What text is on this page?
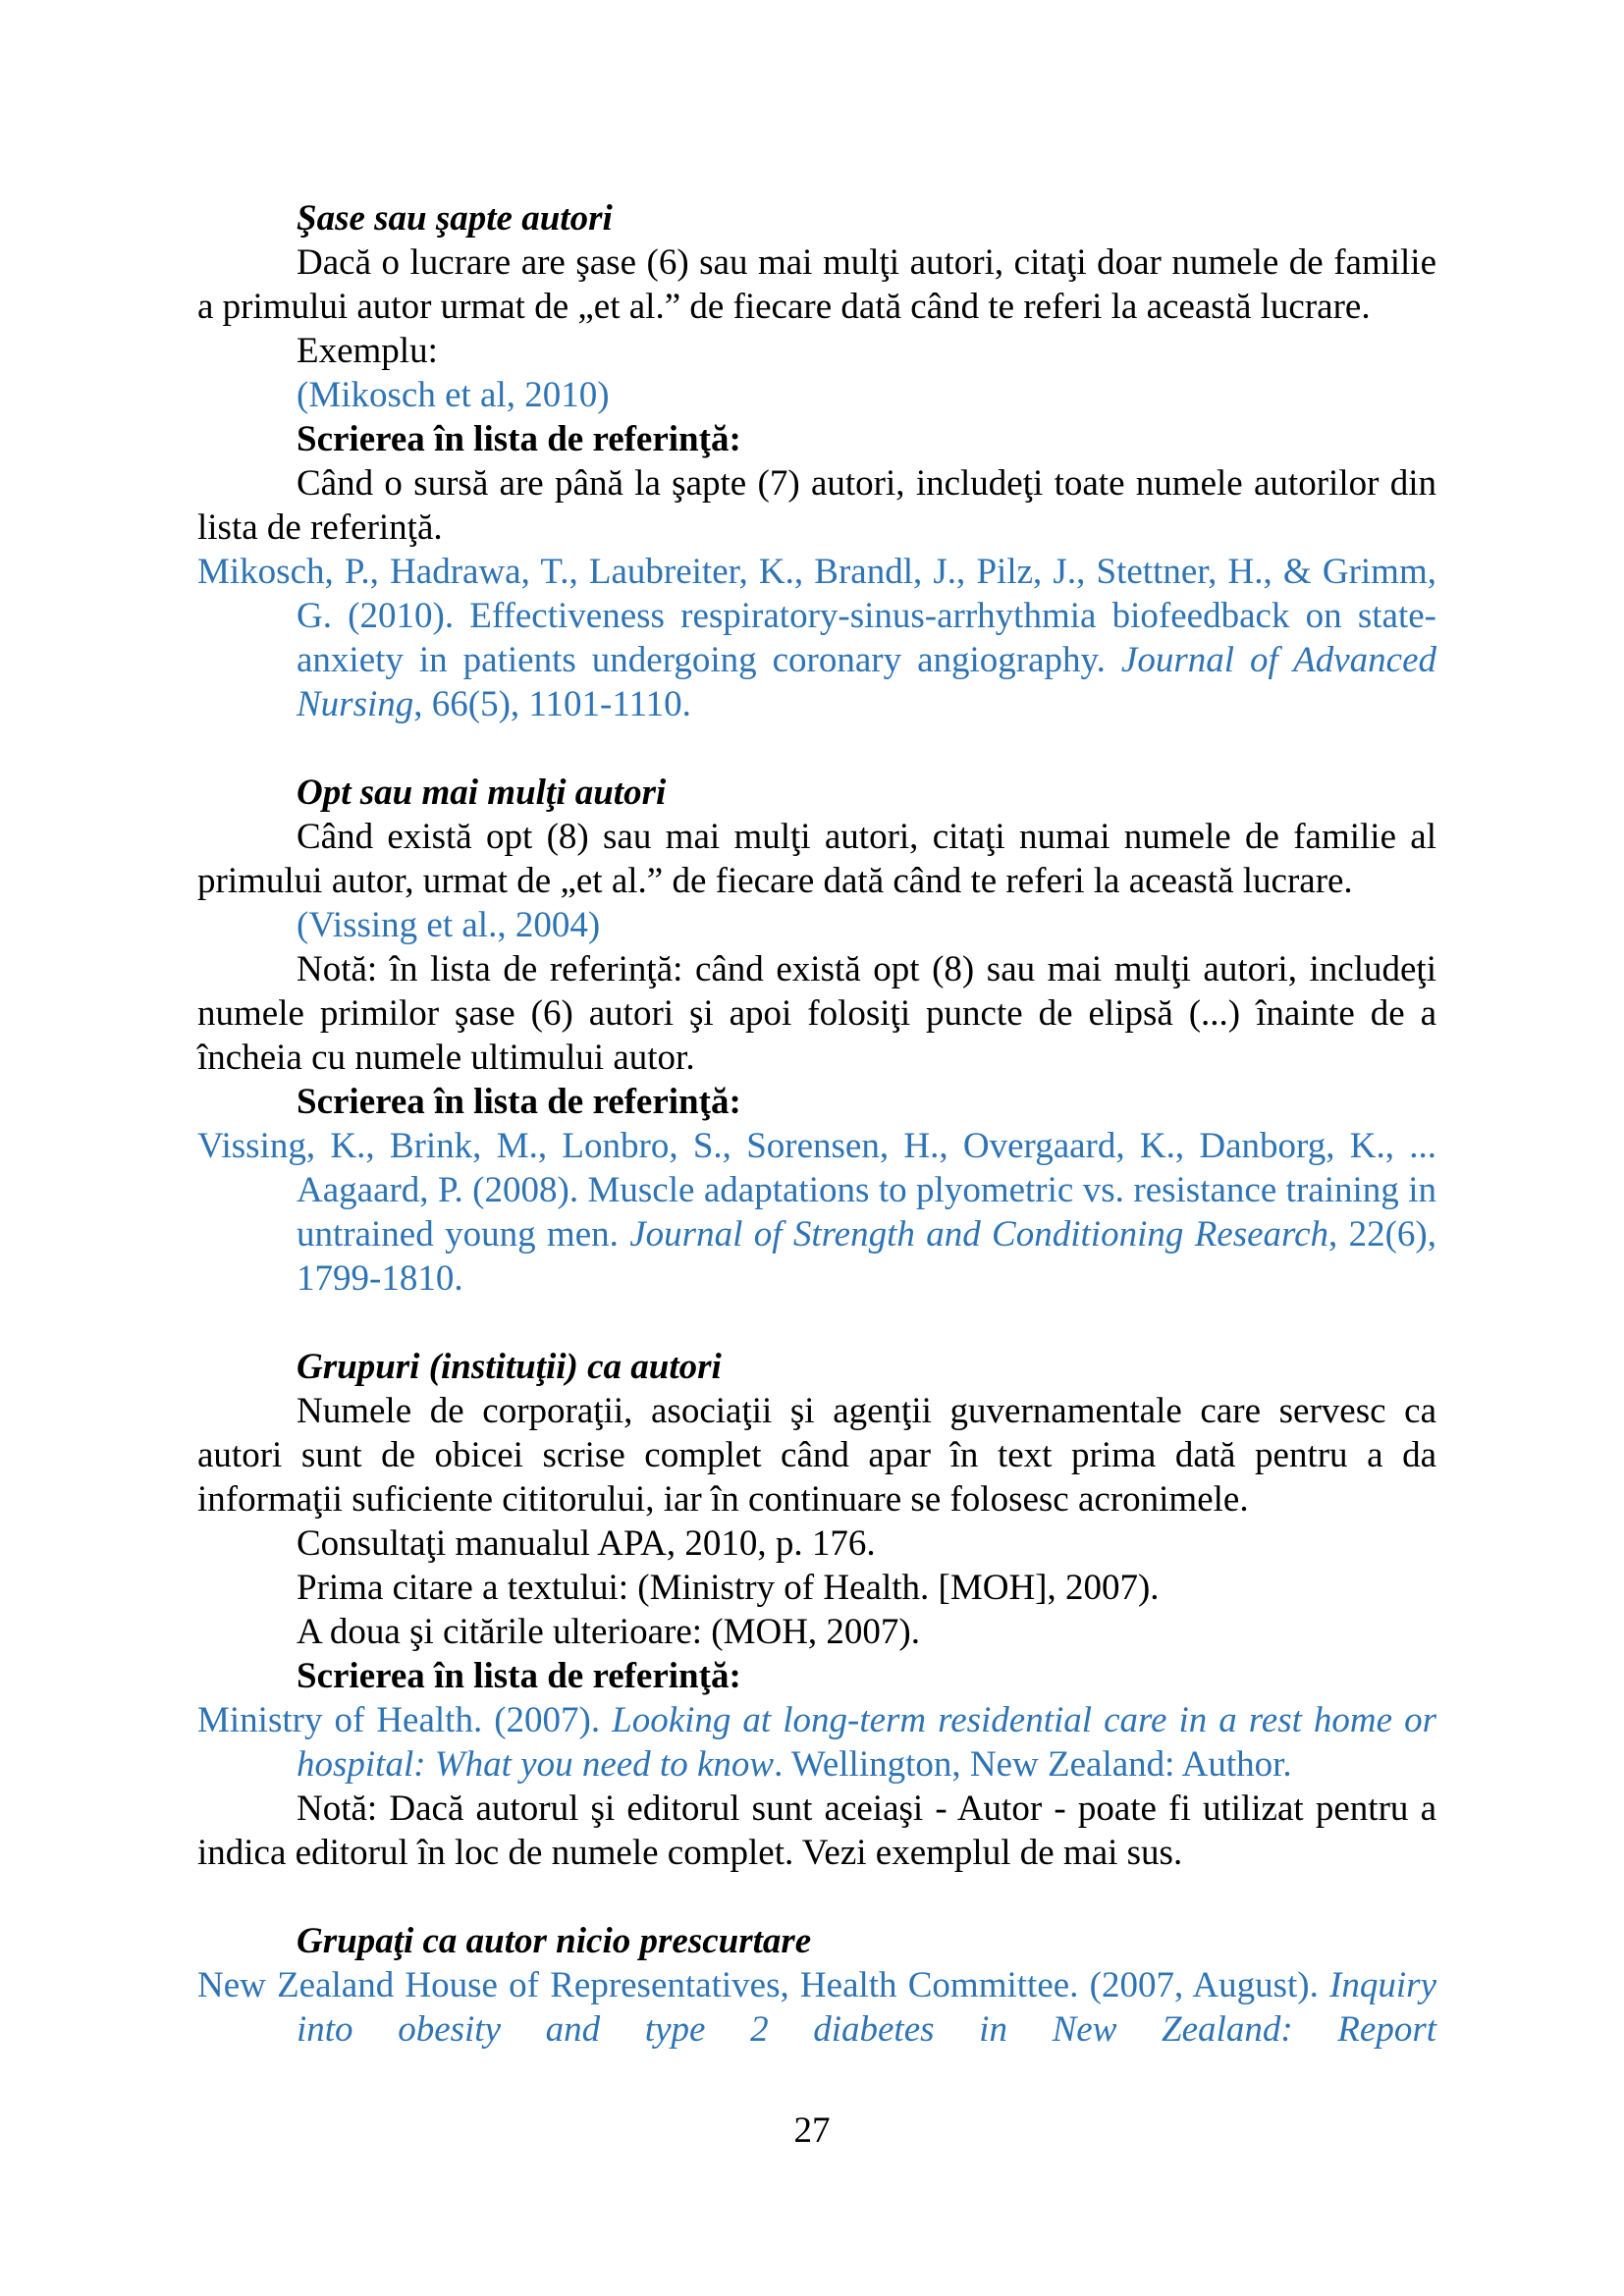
Şase sau şapte autori

Dacă o lucrare are şase (6) sau mai mulţi autori, citaţi doar numele de familie a primului autor urmat de „et al.” de fiecare dată când te referi la această lucrare.

Exemplu:

(Mikosch et al, 2010)

Scrierea în lista de referinţă:

Când o sursă are până la şapte (7) autori, includeţi toate numele autorilor din lista de referinţă.

Mikosch, P., Hadrawa, T., Laubreiter, K., Brandl, J., Pilz, J., Stettner, H., & Grimm, G. (2010). Effectiveness respiratory-sinus-arrhythmia biofeedback on state-anxiety in patients undergoing coronary angiography. Journal of Advanced Nursing, 66(5), 1101-1110.

Opt sau mai mulţi autori

Când există opt (8) sau mai mulţi autori, citaţi numai numele de familie al primului autor, urmat de „et al.” de fiecare dată când te referi la această lucrare.

(Vissing et al., 2004)

Notă: în lista de referinţă: când există opt (8) sau mai mulţi autori, includeţi numele primilor şase (6) autori şi apoi folosiţi puncte de elipsă (...) înainte de a încheia cu numele ultimului autor.

Scrierea în lista de referinţă:

Vissing, K., Brink, M., Lonbro, S., Sorensen, H., Overgaard, K., Danborg, K., ... Aagaard, P. (2008). Muscle adaptations to plyometric vs. resistance training in untrained young men. Journal of Strength and Conditioning Research, 22(6), 1799-1810.

Grupuri (instituţii) ca autori

Numele de corporaţii, asociaţii şi agenţii guvernamentale care servesc ca autori sunt de obicei scrise complet când apar în text prima dată pentru a da informaţii suficiente cititorului, iar în continuare se folosesc acronimele.

Consultaţi manualul APA, 2010, p. 176.

Prima citare a textului: (Ministry of Health. [MOH], 2007).

A doua şi citările ulterioare: (MOH, 2007).

Scrierea în lista de referinţă:

Ministry of Health. (2007). Looking at long-term residential care in a rest home or hospital: What you need to know. Wellington, New Zealand: Author.

Notă: Dacă autorul şi editorul sunt aceiaşi - Autor - poate fi utilizat pentru a indica editorul în loc de numele complet. Vezi exemplul de mai sus.

Grupaţi ca autor nicio prescurtare

New Zealand House of Representatives, Health Committee. (2007, August). Inquiry into obesity and type 2 diabetes in New Zealand: Report

27
